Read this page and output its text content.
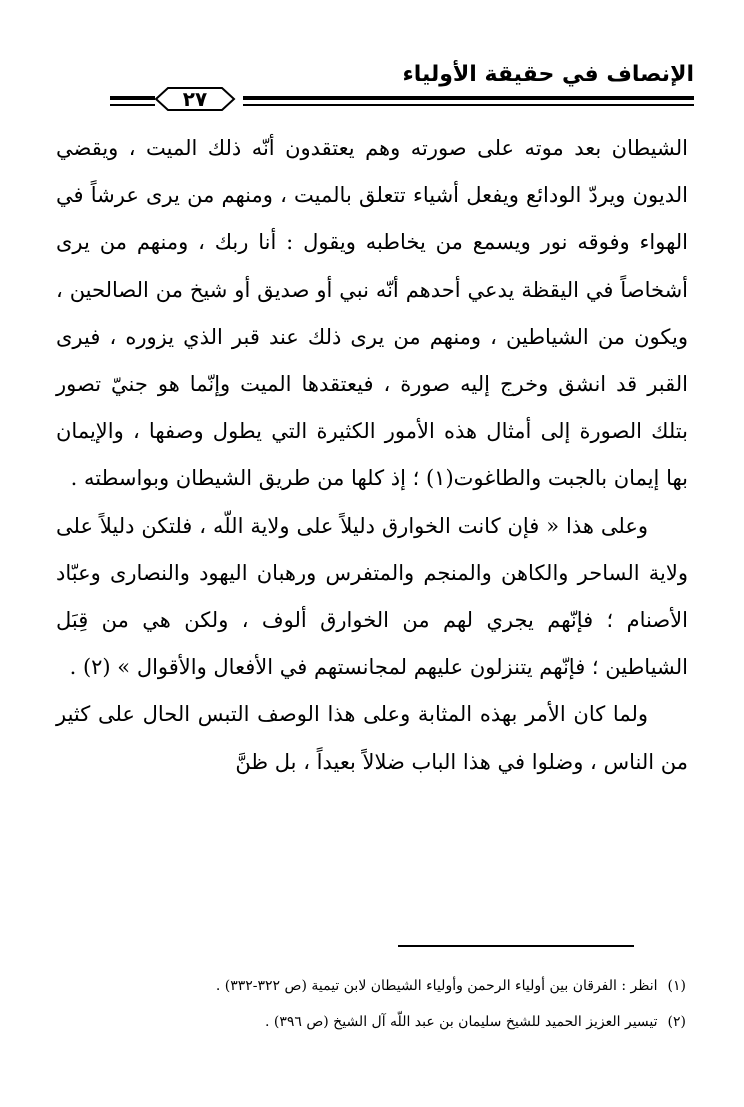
الإنصاف في حقيقة الأولياء
٢٧

الشيطان بعد موته على صورته وهم يعتقدون أنّه ذلك الميت ، ويقضي الديون ويردّ الودائع ويفعل أشياء تتعلق بالميت ، ومنهم من يرى عرشاً في الهواء وفوقه نور ويسمع من يخاطبه ويقول : أنا ربك ، ومنهم من يرى أشخاصاً في اليقظة يدعي أحدهم أنّه نبي أو صديق أو شيخ من الصالحين ، ويكون من الشياطين ، ومنهم من يرى ذلك عند قبر الذي يزوره ، فيرى القبر قد انشق وخرج إليه صورة ، فيعتقدها الميت وإنّما هو جنيّ تصور بتلك الصورة إلى أمثال هذه الأمور الكثيرة التي يطول وصفها ، والإيمان بها إيمان بالجبت والطاغوت(١) ؛ إذ كلها من طريق الشيطان وبواسطته .

وعلى هذا « فإن كانت الخوارق دليلاً على ولاية اللّه ، فلتكن دليلاً على ولاية الساحر والكاهن والمنجم والمتفرس ورهبان اليهود والنصارى وعبّاد الأصنام ؛ فإنّهم يجري لهم من الخوارق ألوف ، ولكن هي من قِبَل الشياطين ؛ فإنّهم يتنزلون عليهم لمجانستهم في الأفعال والأقوال » (٢) .

ولما كان الأمر بهذه المثابة وعلى هذا الوصف التبس الحال على كثير من الناس ، وضلوا في هذا الباب ضلالاً بعيداً ، بل ظنَّ

(١)انظر : الفرقان بين أولياء الرحمن وأولياء الشيطان لابن تيمية (ص ٣٢٢-٣٣٢) .
(٢)تيسير العزيز الحميد للشيخ سليمان بن عبد اللّه آل الشيخ (ص ٣٩٦) .
